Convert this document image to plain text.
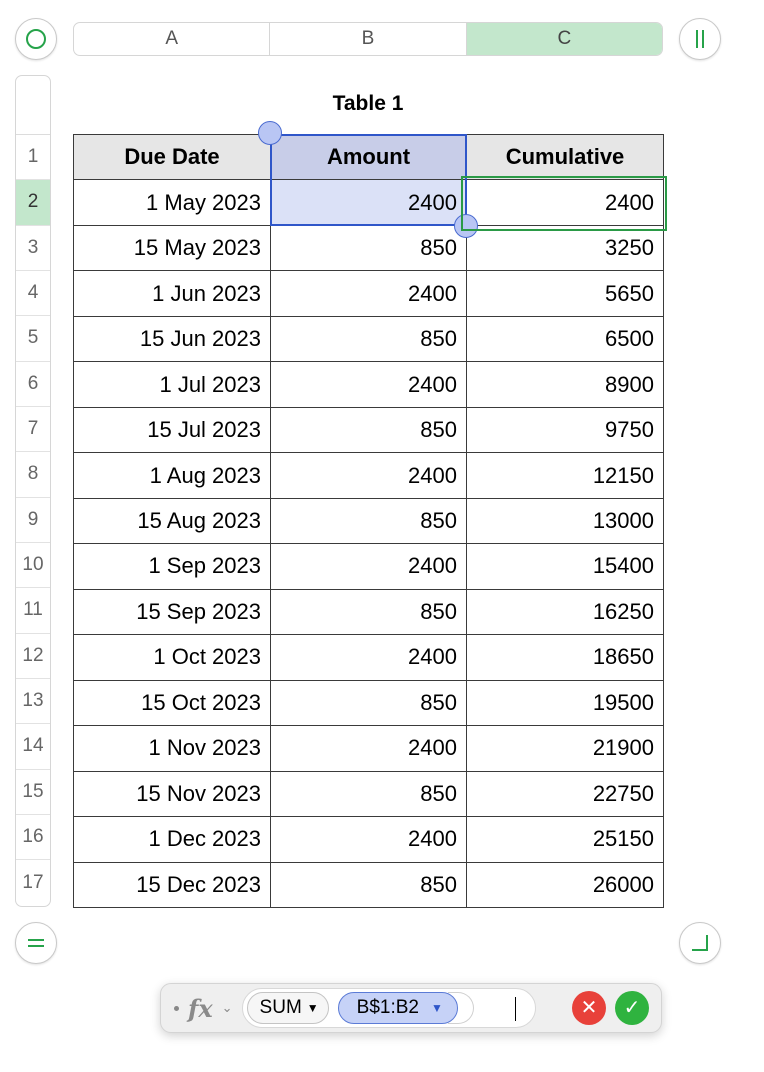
A	B	C
1
2
3
4
5
6
7
8
9
10
11
12
13
14
15
16
17
Table 1
Due Date	Amount	Cumulative
1 May 2023	2400	2400
15 May 2023	850	3250
1 Jun 2023	2400	5650
15 Jun 2023	850	6500
1 Jul 2023	2400	8900
15 Jul 2023	850	9750
1 Aug 2023	2400	12150
15 Aug 2023	850	13000
1 Sep 2023	2400	15400
15 Sep 2023	850	16250
1 Oct 2023	2400	18650
15 Oct 2023	850	19500
1 Nov 2023	2400	21900
15 Nov 2023	850	22750
1 Dec 2023	2400	25150
15 Dec 2023	850	26000
fx ⌄ SUM ▼ B$1:B2 ▼	✕	✓
